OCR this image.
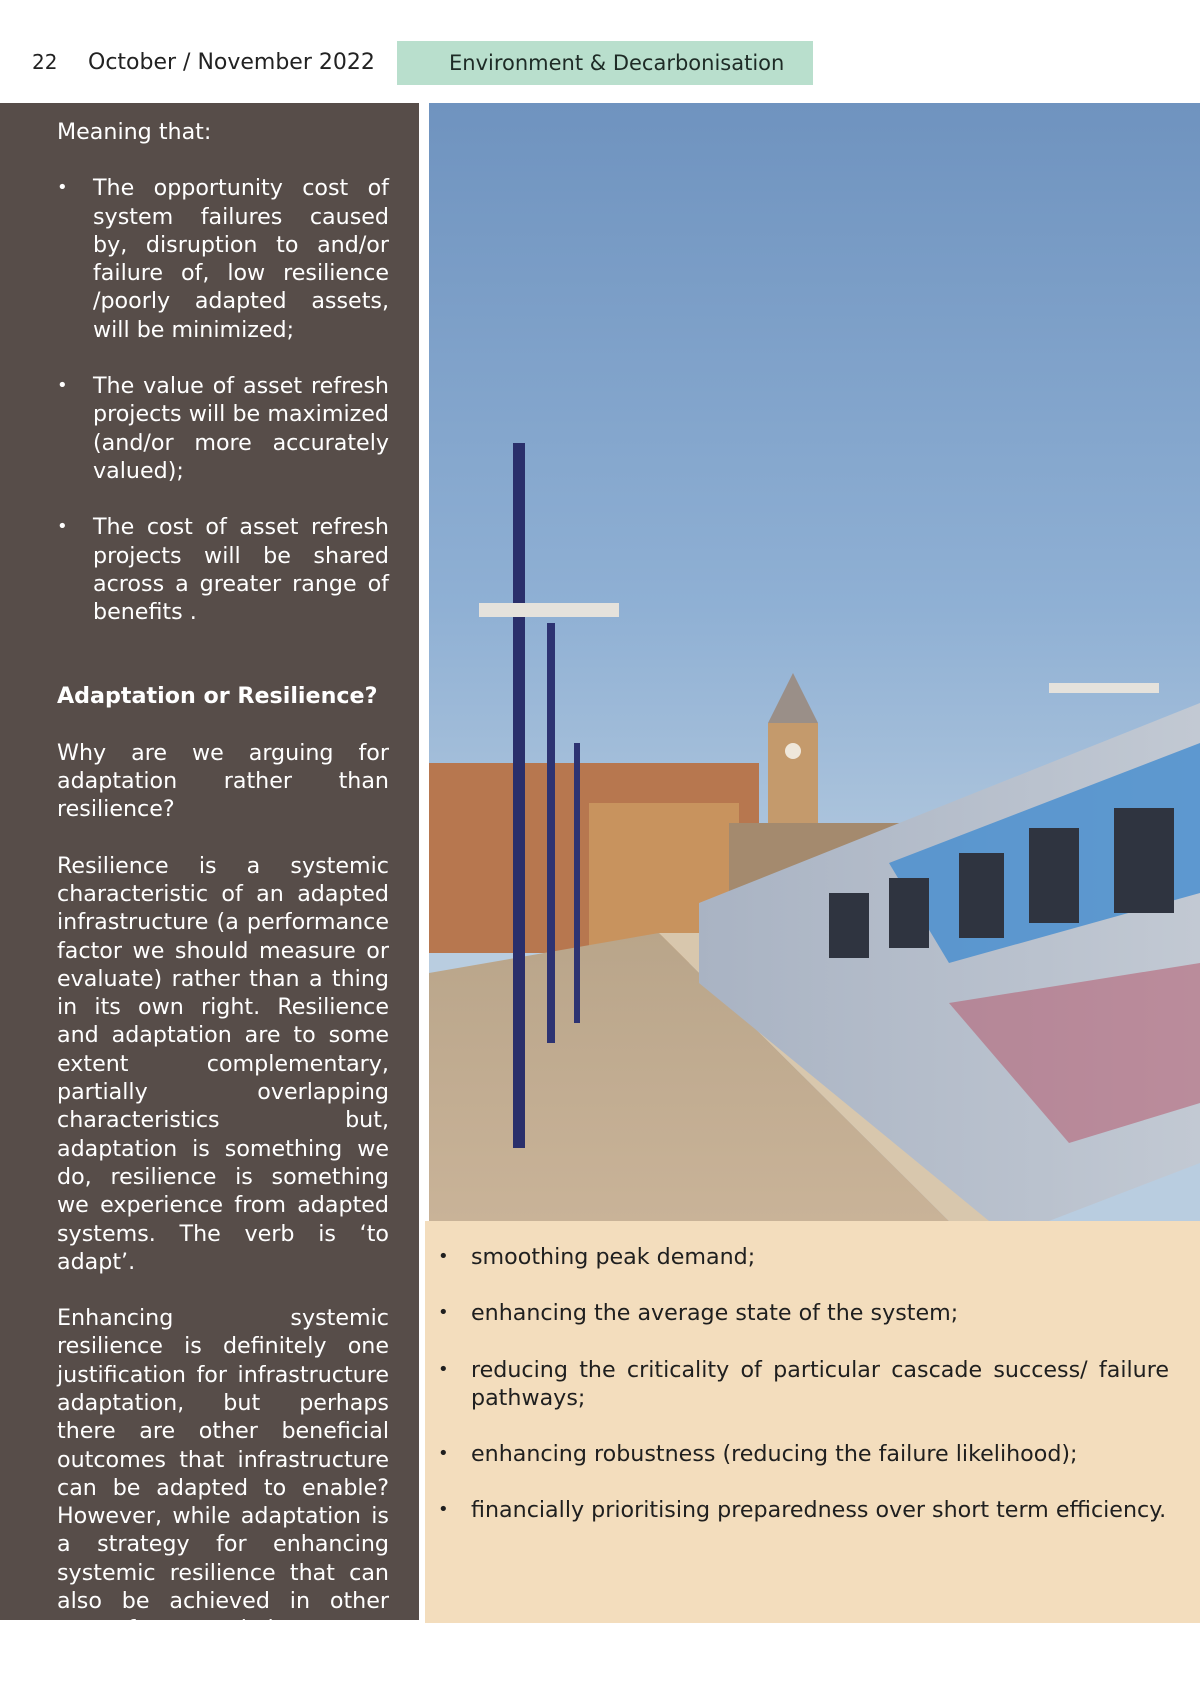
22 October / November 2022	Environment & Decarbonisation

Meaning that:

• The opportunity cost of system failures caused by, disruption to and/or failure of, low resilience /poorly adapted assets, will be minimized;
• The value of asset refresh projects will be maximized (and/or more accurately valued);
• The cost of asset refresh projects will be shared across a greater range of benefits .

Adaptation or Resilience?

Why are we arguing for adaptation rather than resilience?

Resilience is a systemic characteristic of an adapted infrastructure (a performance factor we should measure or evaluate) rather than a thing in its own right. Resilience and adaptation are to some extent complementary, partially overlapping characteristics but, adaptation is something we do, resilience is something we experience from adapted systems. The verb is ‘to adapt’.

Enhancing systemic resilience is definitely one justification for infrastructure adaptation, but perhaps there are other beneficial outcomes that infrastructure can be adapted to enable? However, while adaptation is a strategy for enhancing systemic resilience that can also be achieved in other ways, for example by:

• smoothing peak demand;
• enhancing the average state of the system;
• reducing the criticality of particular cascade success/ failure pathways;
• enhancing robustness (reducing the failure likelihood);
• financially prioritising preparedness over short term efficiency.
